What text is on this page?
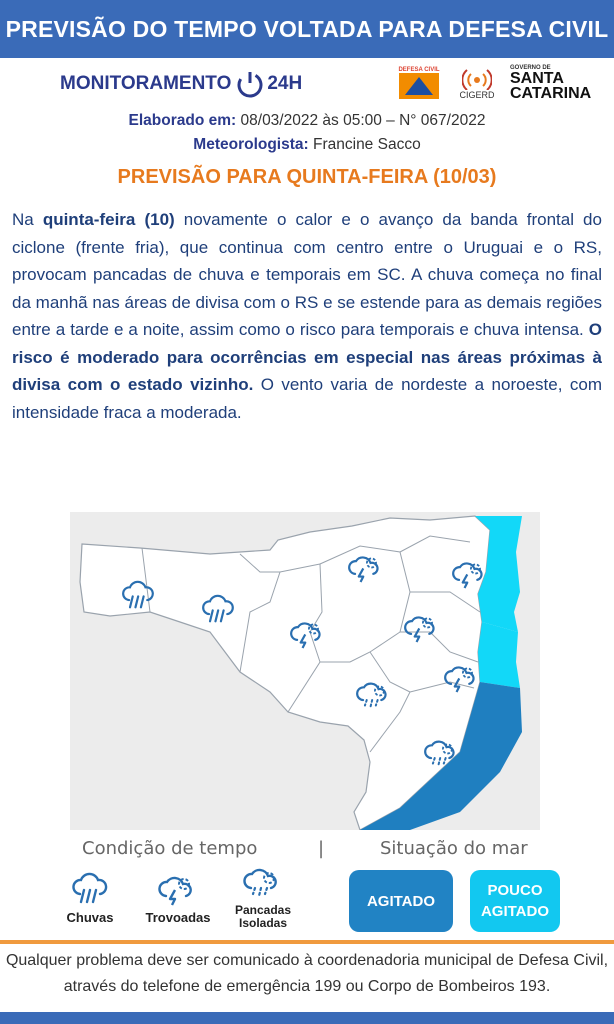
PREVISÃO DO TEMPO VOLTADA PARA DEFESA CIVIL
MONITORAMENTO 24H
DEFESA CIVIL
CIGERD
GOVERNO DE
SANTA
CATARINA
Elaborado em: 08/03/2022 às 05:00 – N° 067/2022
Meteorologista: Francine Sacco
PREVISÃO PARA QUINTA-FEIRA (10/03)
Na quinta-feira (10) novamente o calor e o avanço da banda frontal do ciclone (frente fria), que continua com centro entre o Uruguai e o RS, provocam pancadas de chuva e temporais em SC. A chuva começa no final da manhã nas áreas de divisa com o RS e se estende para as demais regiões entre a tarde e a noite, assim como o risco para temporais e chuva intensa. O risco é moderado para ocorrências em especial nas áreas próximas à divisa com o estado vizinho. O vento varia de nordeste a noroeste, com intensidade fraca a moderada.
Condição de tempo	|	Situação do mar
Chuvas	Trovoadas	Pancadas
Isoladas
AGITADO
POUCO
AGITADO
Qualquer problema deve ser comunicado à coordenadoria municipal de Defesa Civil,
através do telefone de emergência 199 ou Corpo de Bombeiros 193.
